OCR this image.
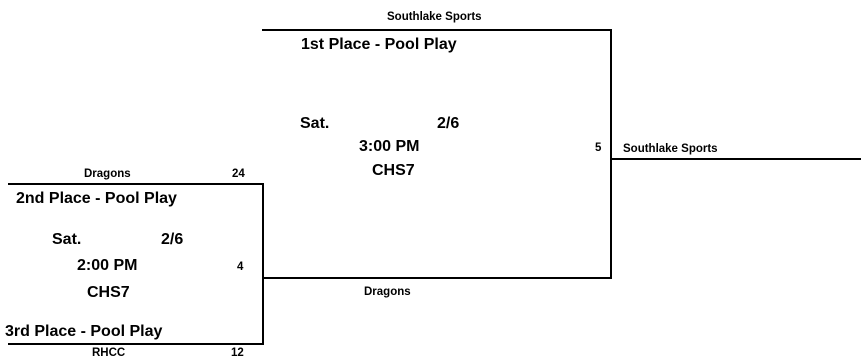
Southlake Sports
1st Place - Pool Play
Sat.	2/6
3:00 PM
CHS7
5 Southlake Sports
Dragons	24
2nd Place - Pool Play
Sat.	2/6
2:00 PM	4
CHS7	Dragons
3rd Place - Pool Play
RHCC	12
